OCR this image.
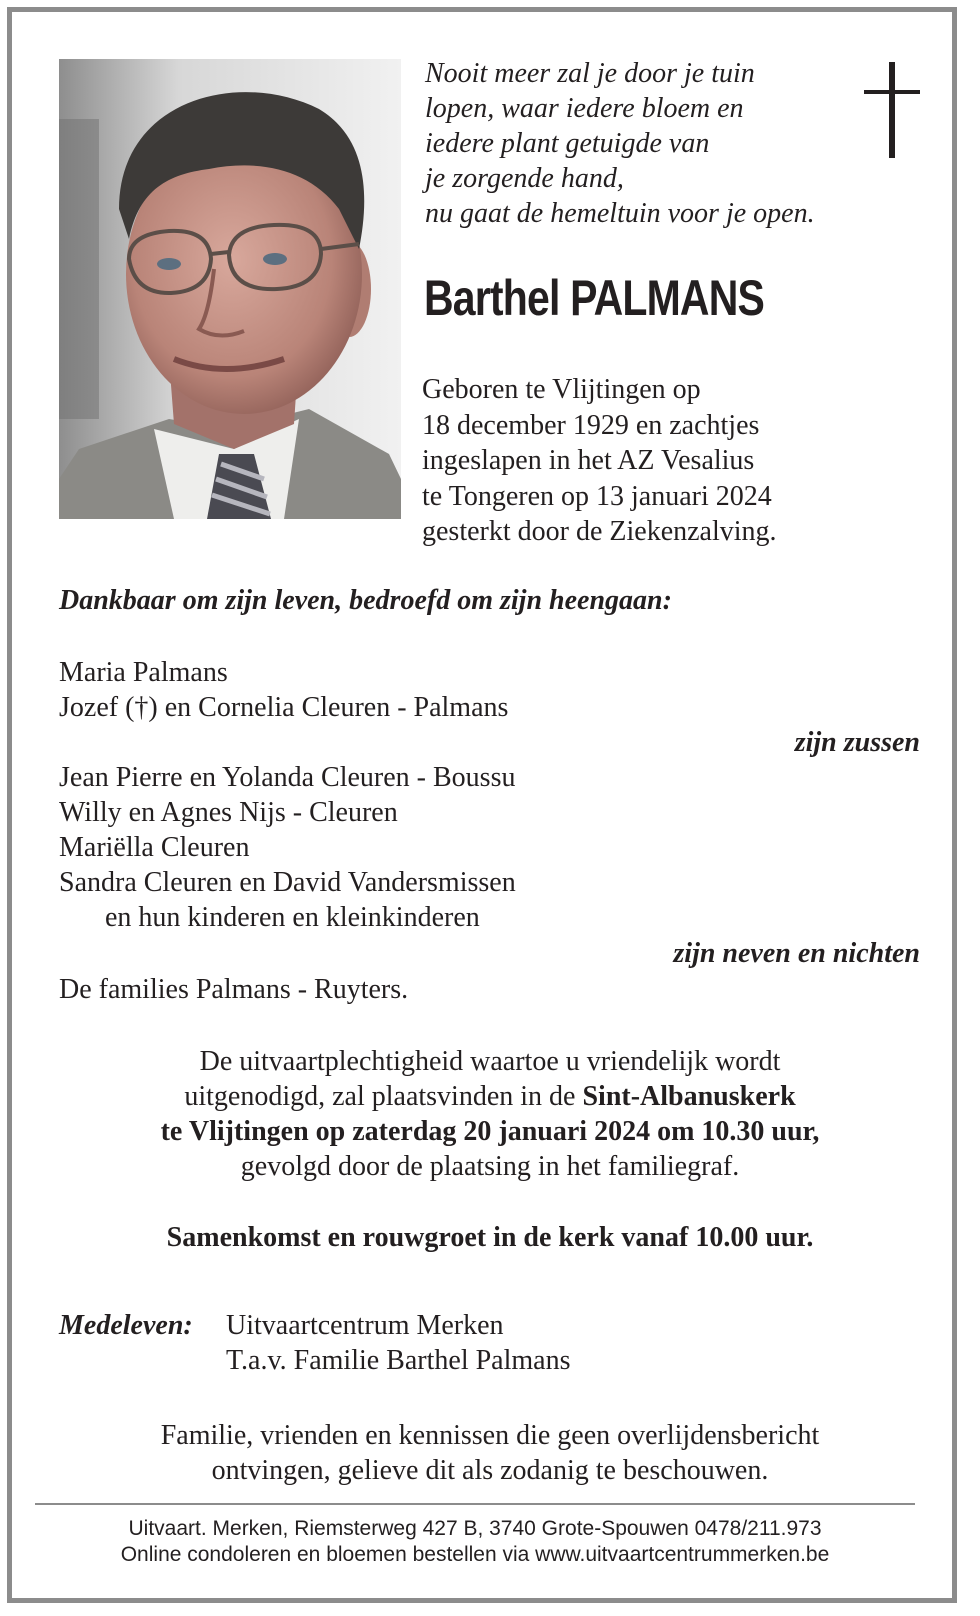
Nooit meer zal je door je tuin
lopen, waar iedere bloem en
iedere plant getuigde van
je zorgende hand,
nu gaat de hemeltuin voor je open.
Barthel PALMANS
Geboren te Vlijtingen op
18 december 1929 en zachtjes
ingeslapen in het AZ Vesalius
te Tongeren op 13 januari 2024
gesterkt door de Ziekenzalving.
Dankbaar om zijn leven, bedroefd om zijn heengaan:
Maria Palmans
Jozef (†) en Cornelia Cleuren - Palmans
zijn zussen
Jean Pierre en Yolanda Cleuren - Boussu
Willy en Agnes Nijs - Cleuren
Mariëlla Cleuren
Sandra Cleuren en David Vandersmissen
en hun kinderen en kleinkinderen
zijn neven en nichten
De families Palmans - Ruyters.
De uitvaartplechtigheid waartoe u vriendelijk wordt
uitgenodigd, zal plaatsvinden in de Sint-Albanuskerk
te Vlijtingen op zaterdag 20 januari 2024 om 10.30 uur,
gevolgd door de plaatsing in het familiegraf.
Samenkomst en rouwgroet in de kerk vanaf 10.00 uur.
Medeleven: Uitvaartcentrum Merken
T.a.v. Familie Barthel Palmans
Familie, vrienden en kennissen die geen overlijdensbericht
ontvingen, gelieve dit als zodanig te beschouwen.
Uitvaart. Merken, Riemsterweg 427 B, 3740 Grote-Spouwen 0478/211.973
Online condoleren en bloemen bestellen via www.uitvaartcentrummerken.be
